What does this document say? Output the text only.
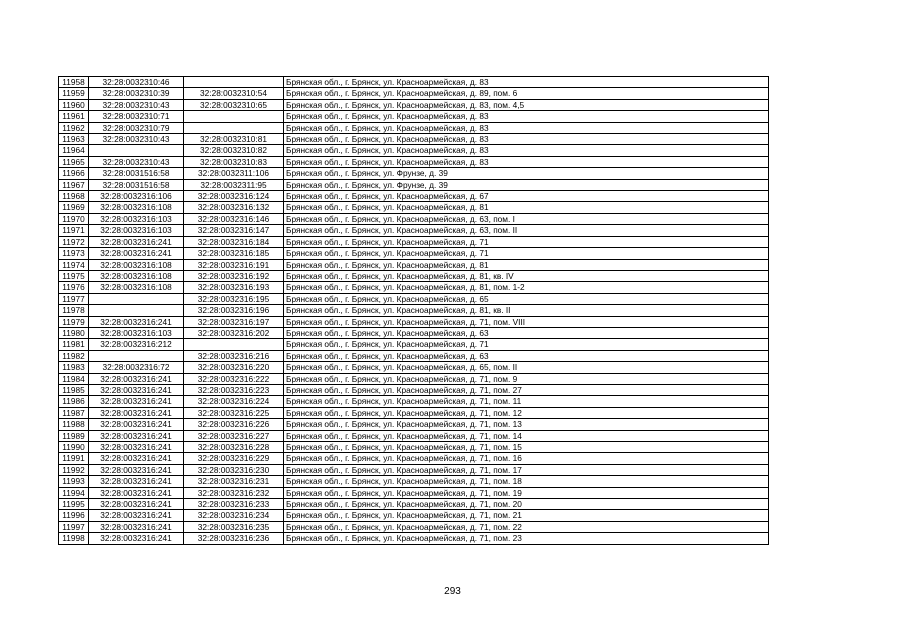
11958	32:28:0032310:46		Брянская обл., г. Брянск, ул. Красноармейская, д. 83
11959	32:28:0032310:39	32:28:0032310:54	Брянская обл., г. Брянск, ул. Красноармейская, д. 89, пом. 6
11960	32:28:0032310:43	32:28:0032310:65	Брянская обл., г. Брянск, ул. Красноармейская, д. 83, пом. 4,5
11961	32:28:0032310:71		Брянская обл., г. Брянск, ул. Красноармейская, д. 83
11962	32:28:0032310:79		Брянская обл., г. Брянск, ул. Красноармейская, д. 83
11963	32:28:0032310:43	32:28:0032310:81	Брянская обл., г. Брянск, ул. Красноармейская, д. 83
11964		32:28:0032310:82	Брянская обл., г. Брянск, ул. Красноармейская, д. 83
11965	32:28:0032310:43	32:28:0032310:83	Брянская обл., г. Брянск, ул. Красноармейская, д. 83
11966	32:28:0031516:58	32:28:0032311:106	Брянская обл., г. Брянск, ул. Фрунзе, д. 39
11967	32:28:0031516:58	32:28:0032311:95	Брянская обл., г. Брянск, ул. Фрунзе, д. 39
11968	32:28:0032316:106	32:28:0032316:124	Брянская обл., г. Брянск, ул. Красноармейская, д. 67
11969	32:28:0032316:108	32:28:0032316:132	Брянская обл., г. Брянск, ул. Красноармейская, д. 81
11970	32:28:0032316:103	32:28:0032316:146	Брянская обл., г. Брянск, ул. Красноармейская, д. 63, пом. I
11971	32:28:0032316:103	32:28:0032316:147	Брянская обл., г. Брянск, ул. Красноармейская, д. 63, пом. II
11972	32:28:0032316:241	32:28:0032316:184	Брянская обл., г. Брянск, ул. Красноармейская, д. 71
11973	32:28:0032316:241	32:28:0032316:185	Брянская обл., г. Брянск, ул. Красноармейская, д. 71
11974	32:28:0032316:108	32:28:0032316:191	Брянская обл., г. Брянск, ул. Красноармейская, д. 81
11975	32:28:0032316:108	32:28:0032316:192	Брянская обл., г. Брянск, ул. Красноармейская, д. 81, кв. IV
11976	32:28:0032316:108	32:28:0032316:193	Брянская обл., г. Брянск, ул. Красноармейская, д. 81, пом. 1-2
11977		32:28:0032316:195	Брянская обл., г. Брянск, ул. Красноармейская, д. 65
11978		32:28:0032316:196	Брянская обл., г. Брянск, ул. Красноармейская, д. 81, кв. II
11979	32:28:0032316:241	32:28:0032316:197	Брянская обл., г. Брянск, ул. Красноармейская, д. 71, пом. VIII
11980	32:28:0032316:103	32:28:0032316:202	Брянская обл., г. Брянск, ул. Красноармейская, д. 63
11981	32:28:0032316:212		Брянская обл., г. Брянск, ул. Красноармейская, д. 71
11982		32:28:0032316:216	Брянская обл., г. Брянск, ул. Красноармейская, д. 63
11983	32:28:0032316:72	32:28:0032316:220	Брянская обл., г. Брянск, ул. Красноармейская, д. 65, пом. II
11984	32:28:0032316:241	32:28:0032316:222	Брянская обл., г. Брянск, ул. Красноармейская, д. 71, пом. 9
11985	32:28:0032316:241	32:28:0032316:223	Брянская обл., г. Брянск, ул. Красноармейская, д. 71, пом. 27
11986	32:28:0032316:241	32:28:0032316:224	Брянская обл., г. Брянск, ул. Красноармейская, д. 71, пом. 11
11987	32:28:0032316:241	32:28:0032316:225	Брянская обл., г. Брянск, ул. Красноармейская, д. 71, пом. 12
11988	32:28:0032316:241	32:28:0032316:226	Брянская обл., г. Брянск, ул. Красноармейская, д. 71, пом. 13
11989	32:28:0032316:241	32:28:0032316:227	Брянская обл., г. Брянск, ул. Красноармейская, д. 71, пом. 14
11990	32:28:0032316:241	32:28:0032316:228	Брянская обл., г. Брянск, ул. Красноармейская, д. 71, пом. 15
11991	32:28:0032316:241	32:28:0032316:229	Брянская обл., г. Брянск, ул. Красноармейская, д. 71, пом. 16
11992	32:28:0032316:241	32:28:0032316:230	Брянская обл., г. Брянск, ул. Красноармейская, д. 71, пом. 17
11993	32:28:0032316:241	32:28:0032316:231	Брянская обл., г. Брянск, ул. Красноармейская, д. 71, пом. 18
11994	32:28:0032316:241	32:28:0032316:232	Брянская обл., г. Брянск, ул. Красноармейская, д. 71, пом. 19
11995	32:28:0032316:241	32:28:0032316:233	Брянская обл., г. Брянск, ул. Красноармейская, д. 71, пом. 20
11996	32:28:0032316:241	32:28:0032316:234	Брянская обл., г. Брянск, ул. Красноармейская, д. 71, пом. 21
11997	32:28:0032316:241	32:28:0032316:235	Брянская обл., г. Брянск, ул. Красноармейская, д. 71, пом. 22
11998	32:28:0032316:241	32:28:0032316:236	Брянская обл., г. Брянск, ул. Красноармейская, д. 71, пом. 23
293
